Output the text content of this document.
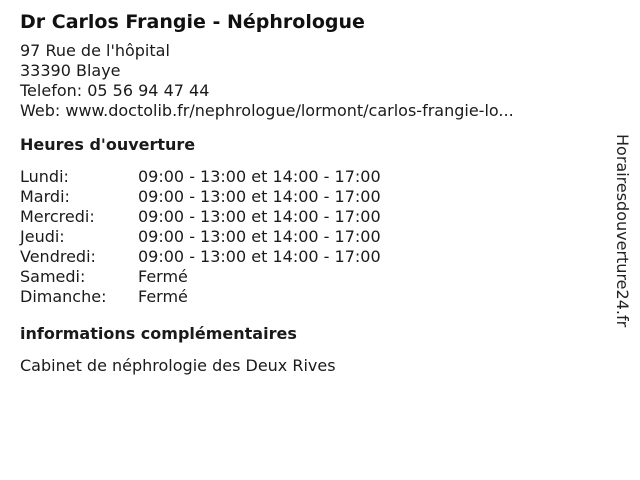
Dr Carlos Frangie - Néphrologue
97 Rue de l'hôpital
33390 Blaye
Telefon: 05 56 94 47 44
Web: www.doctolib.fr/nephrologue/lormont/carlos-frangie-lo...
Heures d'ouverture
Lundi:	09:00 - 13:00 et 14:00 - 17:00
Mardi:	09:00 - 13:00 et 14:00 - 17:00
Mercredi:	09:00 - 13:00 et 14:00 - 17:00
Jeudi:	09:00 - 13:00 et 14:00 - 17:00
Vendredi:	09:00 - 13:00 et 14:00 - 17:00
Samedi:	Fermé
Dimanche:	Fermé
informations complémentaires
Cabinet de néphrologie des Deux Rives
Horairesdouverture24.fr
